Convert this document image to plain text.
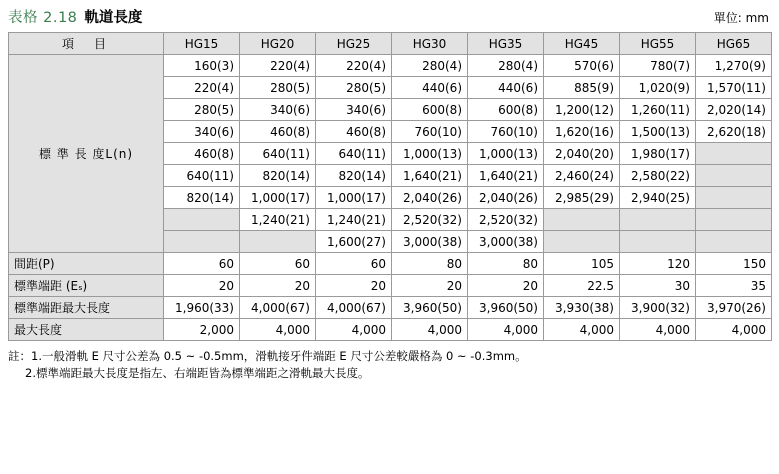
表格 2.18 軌道長度	單位: mm
項　目	HG15	HG20	HG25	HG30	HG35	HG45	HG55	HG65

標 準 長 度L(n)	160(3)	220(4)	220(4)	280(4)	280(4)	570(6)	780(7)	1,270(9)
	220(4)	280(5)	280(5)	440(6)	440(6)	885(9)	1,020(9)	1,570(11)
	280(5)	340(6)	340(6)	600(8)	600(8)	1,200(12)	1,260(11)	2,020(14)
	340(6)	460(8)	460(8)	760(10)	760(10)	1,620(16)	1,500(13)	2,620(18)
	460(8)	640(11)	640(11)	1,000(13)	1,000(13)	2,040(20)	1,980(17)	
	640(11)	820(14)	820(14)	1,640(21)	1,640(21)	2,460(24)	2,580(22)	
	820(14)	1,000(17)	1,000(17)	2,040(26)	2,040(26)	2,985(29)	2,940(25)	
		1,240(21)	1,240(21)	2,520(32)	2,520(32)			
			1,600(27)	3,000(38)	3,000(38)			
間距(P)	60	60	60	80	80	105	120	150
標準端距 (Eₛ)	20	20	20	20	20	22.5	30	35
標準端距最大長度	1,960(33)	4,000(67)	4,000(67)	3,960(50)	3,960(50)	3,930(38)	3,900(32)	3,970(26)
最大長度	2,000	4,000	4,000	4,000	4,000	4,000	4,000	4,000
註：1.一般滑軌 E 尺寸公差為 0.5 ~ -0.5mm，滑軌接牙件端距 E 尺寸公差較嚴格為 0 ~ -0.3mm。
2.標準端距最大長度是指左、右端距皆為標準端距之滑軌最大長度。
